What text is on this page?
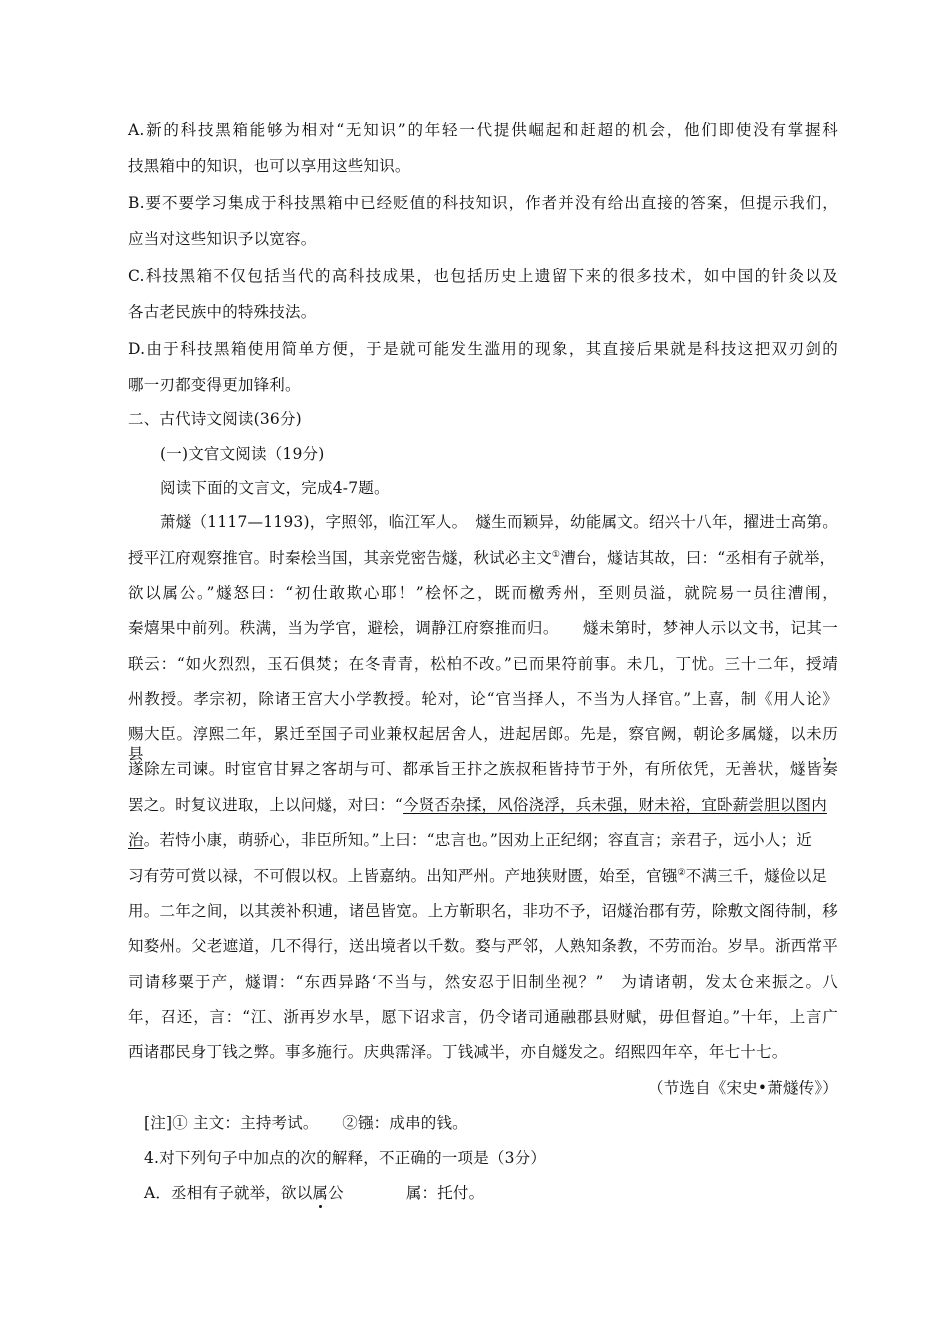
A.新的科技黑箱能够为相对“无知识”的年轻一代提供崛起和赶超的机会，他们即使没有掌握科
技黑箱中的知识，也可以享用这些知识。
B.要不要学习集成于科技黑箱中已经贬值的科技知识，作者并没有给出直接的答案，但提示我们，
应当对这些知识予以宽容。
C.科技黑箱不仅包括当代的高科技成果，也包括历史上遗留下来的很多技术，如中国的针灸以及
各古老民族中的特殊技法。
D.由于科技黑箱使用简单方便，于是就可能发生滥用的现象，其直接后果就是科技这把双刃剑的
哪一刃都变得更加锋利。
二、古代诗文阅读(36分)
(一)文官文阅读（19分)
阅读下面的文言文，完成4-7题。
萧燧（1117—1193)，字照邻，临江军人。　燧生而颖异，幼能属文。绍兴十八年，擢进士高第。
授平江府观察推官。时秦桧当国，其亲党密告燧，秋试必主文①漕台，燧诘其故，曰：“丞相有子就举，
欲以属公。”燧怒曰：“初仕敢欺心耶！”桧怀之，既而檄秀州，至则员溢，就院易一员往漕闱，
秦熺果中前列。秩满，当为学官，避桧，调静江府察推而归。　　燧未第时，梦神人示以文书，记其一
联云：“如火烈烈，玉石俱焚；在冬青青，松柏不改。”已而果符前事。未几，丁忧。三十二年，授靖
州教授。孝宗初，除诸王宫大小学教授。轮对，论“官当择人，不当为人择官。”上喜，制《用人论》
赐大臣。淳熙二年，累迁至国子司业兼权起居舍人，进起居郎。先是，察官阙，朝论多属燧，以未历县，
遂除左司谏。时宦官甘昪之客胡与可、都承旨王抃之族叔秬皆持节于外，有所依凭，无善状，燧皆奏
罢之。时复议进取，上以问燧，对曰：“今贤否杂揉，风俗浇浮，兵未强，财未裕，宜卧薪尝胆以图内
治。若恃小康，萌骄心，非臣所知。”上曰：“忠言也。”因劝上正纪纲；容直言；亲君子，远小人；近
习有劳可赏以禄，不可假以权。上皆嘉纳。出知严州。产地狭财匮，始至，官镪②不满三千，燧俭以足
用。二年之间，以其羡补积逋，诸邑皆宽。上方靳职名，非功不予，诏燧治郡有劳，除敷文阁待制，移
知婺州。父老遮道，几不得行，送出境者以千数。婺与严邻，人熟知条教，不劳而治。岁旱。浙西常平
司请移粟于产，燧谓：“东西异路‘不当与，然安忍于旧制坐视？”　为请诸朝，发太仓来振之。八
年，召还，言：“江、浙再岁水旱，愿下诏求言，仍令诸司通融郡县财赋，毋但督迫。”十年，上言广
西诸郡民身丁钱之弊。事多施行。庆典霈泽。丁钱减半，亦自燧发之。绍熙四年卒，年七十七。
（节选自《宋史•萧燧传》）
[注]① 主文：主持考试。　　②镪：成串的钱。
4.对下列句子中加点的次的解释，不正确的一项是（3分）
A．丞相有子就举，欲以属公	属：托付。
